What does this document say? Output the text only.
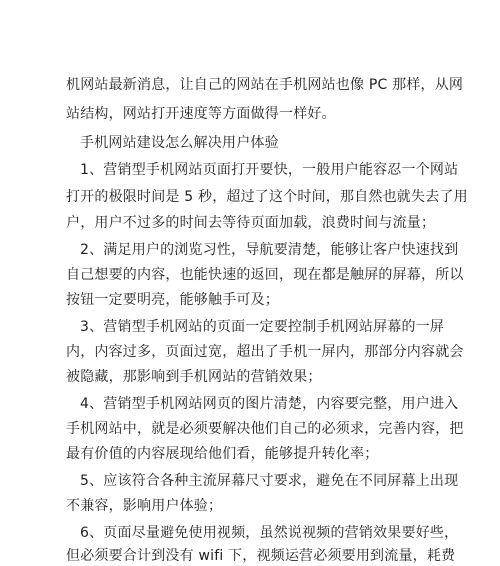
机网站最新消息，让自己的网站在手机网站也像 PC 那样，从网
站结构，网站打开速度等方面做得一样好。
手机网站建设怎么解决用户体验
1、营销型手机网站页面打开要快，一般用户能容忍一个网站
打开的极限时间是 5 秒，超过了这个时间，那自然也就失去了用
户，用户不过多的时间去等待页面加载，浪费时间与流量；
2、满足用户的浏览习性，导航要清楚，能够让客户快速找到
自己想要的内容，也能快速的返回，现在都是触屏的屏幕，所以
按钮一定要明亮，能够触手可及；
3、营销型手机网站的页面一定要控制手机网站屏幕的一屏
内，内容过多，页面过宽，超出了手机一屏内，那部分内容就会
被隐藏，那影响到手机网站的营销效果；
4、营销型手机网站网页的图片清楚，内容要完整，用户进入
手机网站中，就是必须要解决他们自己的必须求，完善内容，把
最有价值的内容展现给他们看，能够提升转化率；
5、应该符合各种主流屏幕尺寸要求，避免在不同屏幕上出现
不兼容，影响用户体验；
6、页面尽量避免使用视频，虽然说视频的营销效果要好些，
但必须要合计到没有 wifi 下，视频运营必须要用到流量，耗费
